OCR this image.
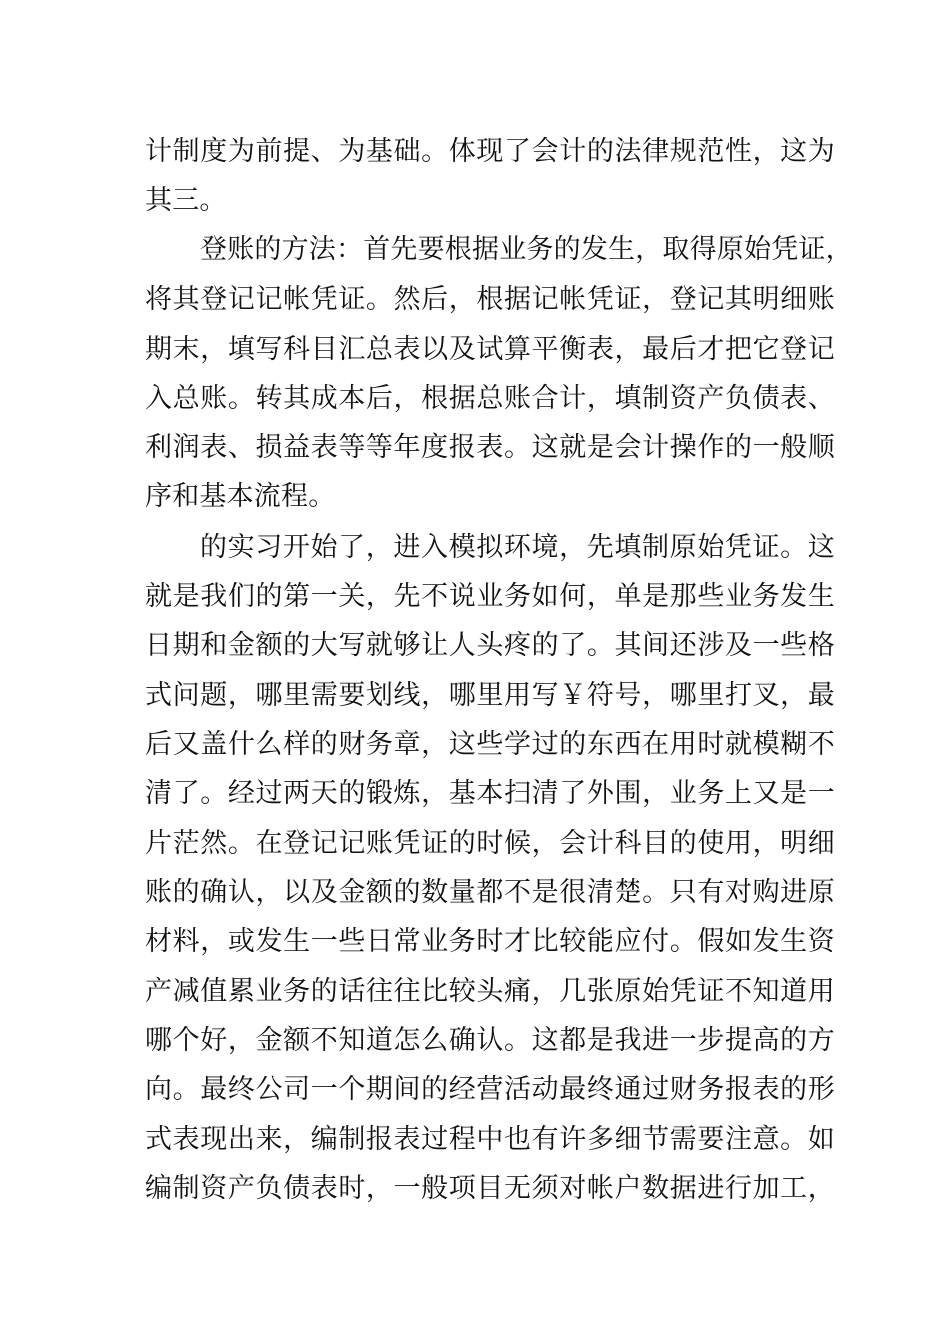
计制度为前提、为基础。体现了会计的法律规范性，这为
其三。
登账的方法：首先要根据业务的发生，取得原始凭证，
将其登记记帐凭证。然后，根据记帐凭证，登记其明细账
期末，填写科目汇总表以及试算平衡表，最后才把它登记
入总账。转其成本后，根据总账合计，填制资产负债表、
利润表、损益表等等年度报表。这就是会计操作的一般顺
序和基本流程。
的实习开始了，进入模拟环境，先填制原始凭证。这
就是我们的第一关，先不说业务如何，单是那些业务发生
日期和金额的大写就够让人头疼的了。其间还涉及一些格
式问题，哪里需要划线，哪里用写￥符号，哪里打叉，最
后又盖什么样的财务章，这些学过的东西在用时就模糊不
清了。经过两天的锻炼，基本扫清了外围，业务上又是一
片茫然。在登记记账凭证的时候，会计科目的使用，明细
账的确认，以及金额的数量都不是很清楚。只有对购进原
材料，或发生一些日常业务时才比较能应付。假如发生资
产减值累业务的话往往比较头痛，几张原始凭证不知道用
哪个好，金额不知道怎么确认。这都是我进一步提高的方
向。最终公司一个期间的经营活动最终通过财务报表的形
式表现出来，编制报表过程中也有许多细节需要注意。如
编制资产负债表时，一般项目无须对帐户数据进行加工，
